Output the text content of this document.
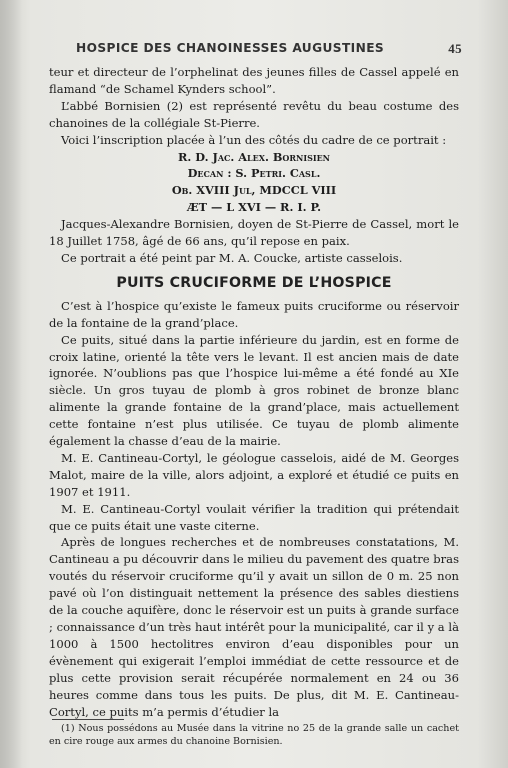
HOSPICE DES CHANOINESSES AUGUSTINES	45

teur et directeur de l’orphelinat des jeunes filles de Cassel appelé en flamand “de Schamel Kynders school”.

L’abbé Bornisien (2) est représenté revêtu du beau costume des chanoines de la collégiale St-Pierre.

Voici l’inscription placée à l’un des côtés du cadre de ce portrait :

R. D. Jac. Alex. Bornisien

Decan : S. Petri. Casl.

Ob. XVIII Jul, MDCCL VIII

ÆT — L XVI — R. I. P.

Jacques-Alexandre Bornisien, doyen de St-Pierre de Cassel, mort le 18 Juillet 1758, âgé de 66 ans, qu’il repose en paix.

Ce portrait a été peint par M. A. Coucke, artiste casselois.

PUITS CRUCIFORME DE L’HOSPICE

C’est à l’hospice qu’existe le fameux puits cruciforme ou réservoir de la fontaine de la grand’place.

Ce puits, situé dans la partie inférieure du jardin, est en forme de croix latine, orienté la tête vers le levant. Il est ancien mais de date ignorée. N’oublions pas que l’hospice lui-même a été fondé au XIe siècle. Un gros tuyau de plomb à gros robinet de bronze blanc alimente la grande fontaine de la grand’place, mais actuellement cette fontaine n’est plus utilisée. Ce tuyau de plomb alimente également la chasse d’eau de la mairie.

M. E. Cantineau-Cortyl, le géologue casselois, aidé de M. Georges Malot, maire de la ville, alors adjoint, a exploré et étudié ce puits en 1907 et 1911.

M. E. Cantineau-Cortyl voulait vérifier la tradition qui prétendait que ce puits était une vaste citerne.

Après de longues recherches et de nombreuses constatations, M. Cantineau a pu découvrir dans le milieu du pavement des quatre bras voutés du réservoir cruciforme qu’il y avait un sillon de 0 m. 25 non pavé où l’on distinguait nettement la présence des sables diestiens de la couche aquifère, donc le réservoir est un puits à grande surface ; connaissance d’un très haut intérêt pour la municipalité, car il y a là 1000 à 1500 hectolitres environ d’eau disponibles pour un évènement qui exigerait l’emploi immédiat de cette ressource et de plus cette provision serait récupérée normalement en 24 ou 36 heures comme dans tous les puits. De plus, dit M. E. Cantineau-Cortyl, ce puits m’a permis d’étudier la

(1) Nous possédons au Musée dans la vitrine no 25 de la grande salle un cachet en cire rouge aux armes du chanoine Bornisien.
